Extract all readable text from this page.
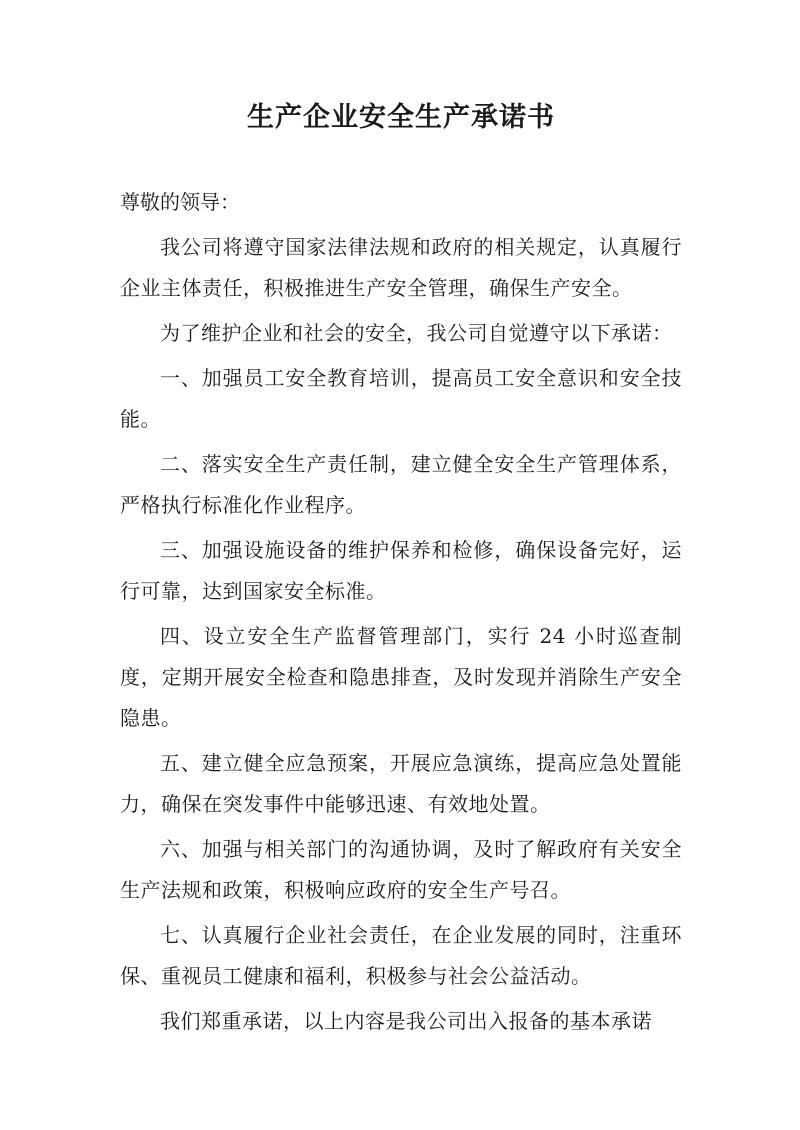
生产企业安全生产承诺书

尊敬的领导：

我公司将遵守国家法律法规和政府的相关规定，认真履行企业主体责任，积极推进生产安全管理，确保生产安全。

为了维护企业和社会的安全，我公司自觉遵守以下承诺：

一、加强员工安全教育培训，提高员工安全意识和安全技能。

二、落实安全生产责任制，建立健全安全生产管理体系，严格执行标准化作业程序。

三、加强设施设备的维护保养和检修，确保设备完好，运行可靠，达到国家安全标准。

四、设立安全生产监督管理部门，实行 24 小时巡查制度，定期开展安全检查和隐患排查，及时发现并消除生产安全隐患。

五、建立健全应急预案，开展应急演练，提高应急处置能力，确保在突发事件中能够迅速、有效地处置。

六、加强与相关部门的沟通协调，及时了解政府有关安全生产法规和政策，积极响应政府的安全生产号召。

七、认真履行企业社会责任，在企业发展的同时，注重环保、重视员工健康和福利，积极参与社会公益活动。

我们郑重承诺，以上内容是我公司出入报备的基本承诺
